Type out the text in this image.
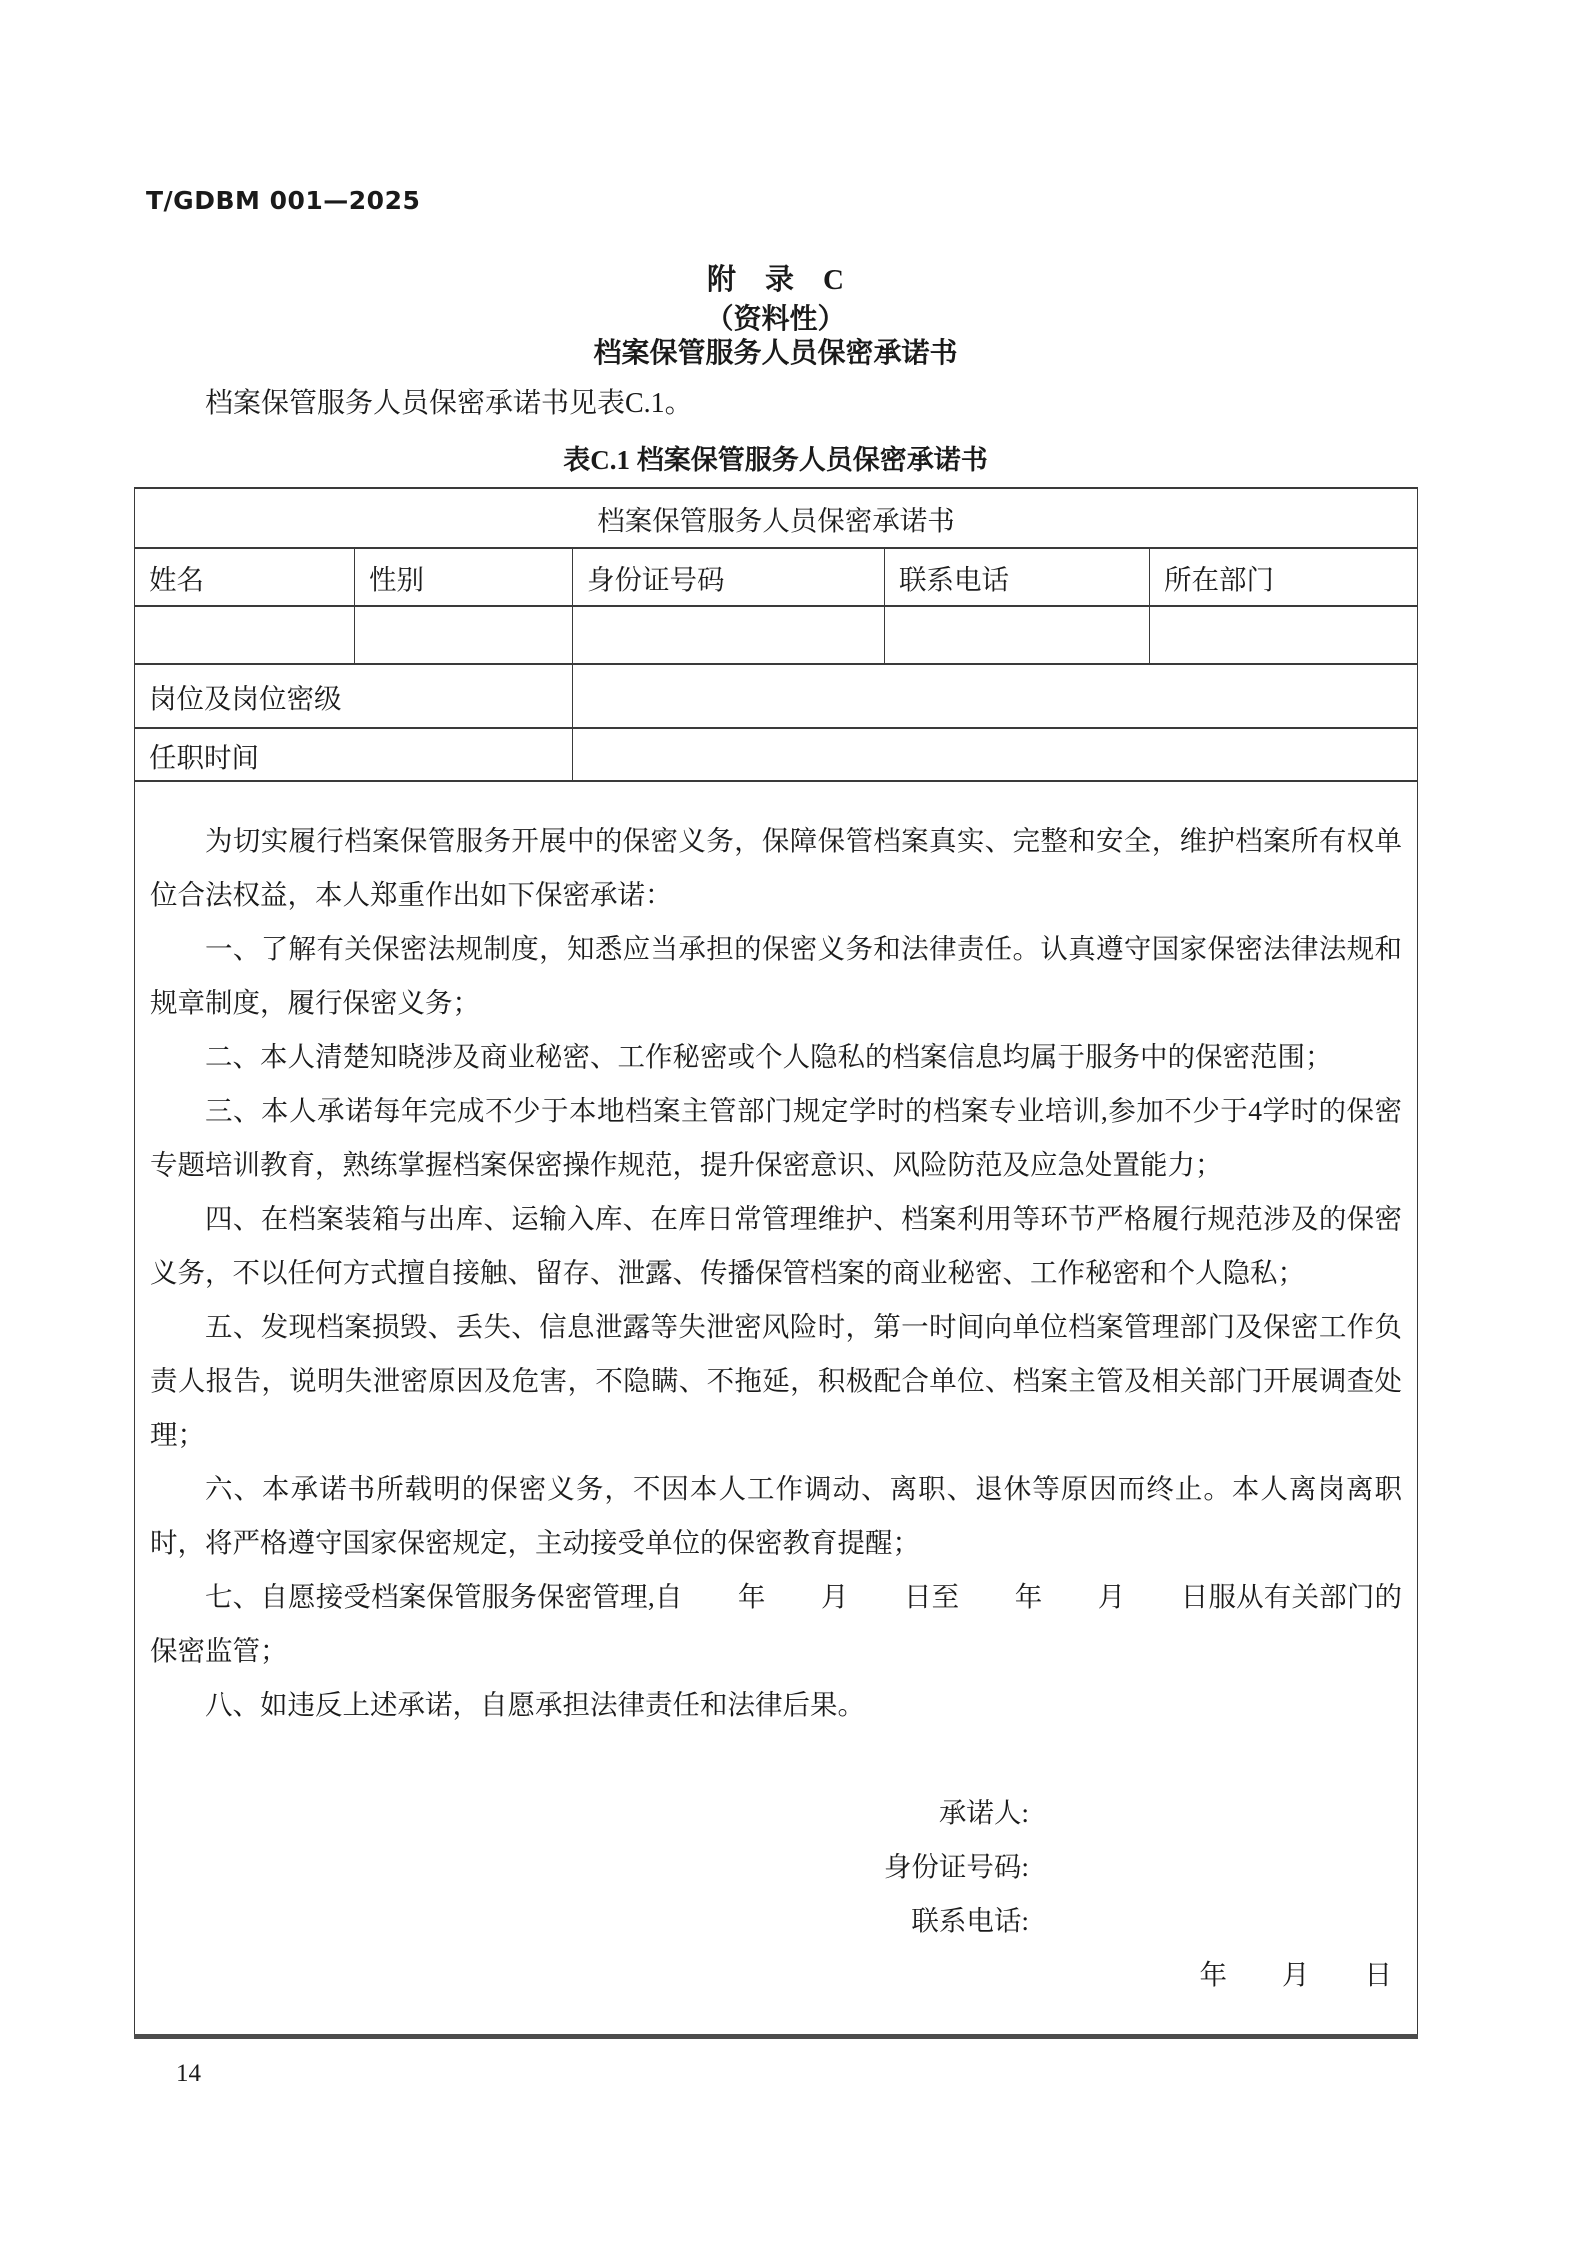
T/GDBM 001—2025
附　录　C
（资料性）
档案保管服务人员保密承诺书
档案保管服务人员保密承诺书见表C.1。
表C.1 档案保管服务人员保密承诺书
档案保管服务人员保密承诺书				
姓名	性别	身份证号码	联系电话	所在部门

岗位及岗位密级				
任职时间				

为切实履行档案保管服务开展中的保密义务，保障保管档案真实、完整和安全，维护档案所有权单位合法权益，本人郑重作出如下保密承诺：

一、了解有关保密法规制度，知悉应当承担的保密义务和法律责任。认真遵守国家保密法律法规和规章制度，履行保密义务；

二、本人清楚知晓涉及商业秘密、工作秘密或个人隐私的档案信息均属于服务中的保密范围；

三、本人承诺每年完成不少于本地档案主管部门规定学时的档案专业培训,参加不少于4学时的保密专题培训教育，熟练掌握档案保密操作规范，提升保密意识、风险防范及应急处置能力；

四、在档案装箱与出库、运输入库、在库日常管理维护、档案利用等环节严格履行规范涉及的保密义务，不以任何方式擅自接触、留存、泄露、传播保管档案的商业秘密、工作秘密和个人隐私；

五、发现档案损毁、丢失、信息泄露等失泄密风险时，第一时间向单位档案管理部门及保密工作负责人报告，说明失泄密原因及危害，不隐瞒、不拖延，积极配合单位、档案主管及相关部门开展调查处理；

六、本承诺书所载明的保密义务，不因本人工作调动、离职、退休等原因而终止。本人离岗离职时，将严格遵守国家保密规定，主动接受单位的保密教育提醒；

七、自愿接受档案保管服务保密管理,自　　年　　月　　日至　　年　　月　　日服从有关部门的保密监管；

八、如违反上述承诺，自愿承担法律责任和法律后果。

承诺人:
身份证号码:
联系电话:
年　　月　　日
14
